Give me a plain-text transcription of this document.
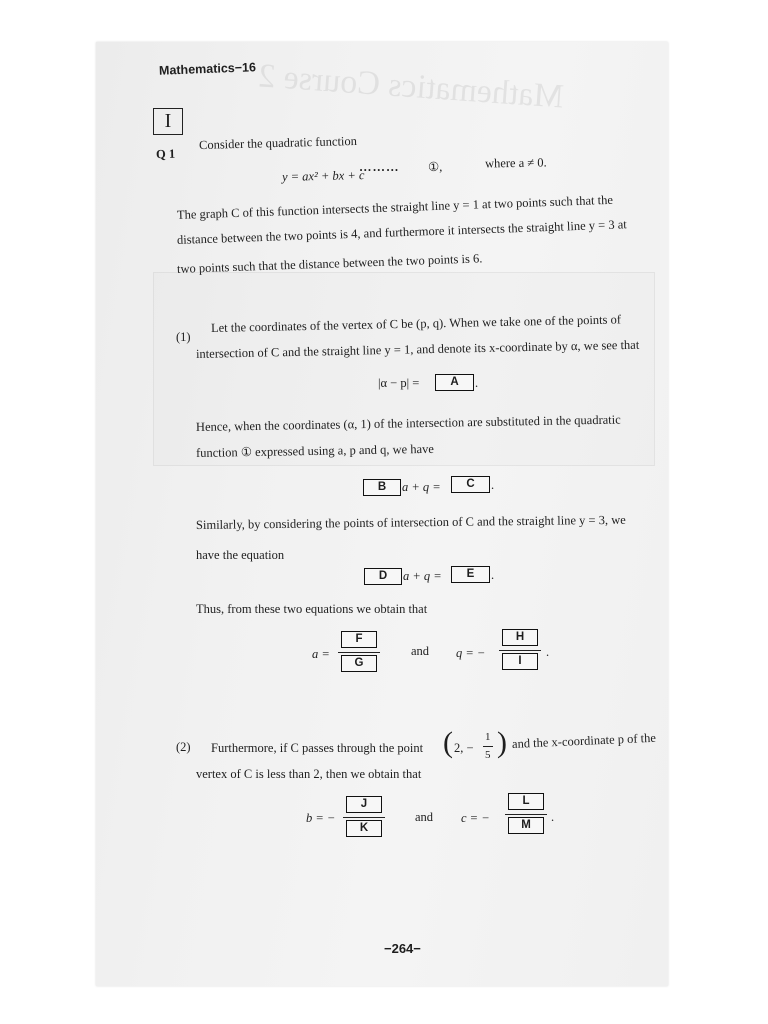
Mathematics−16
I
Q 1
Consider the quadratic function
y = ax² + bx + c
……… ①,	where a ≠ 0.
The graph C of this function intersects the straight line y = 1 at two points such that the
distance between the two points is 4, and furthermore it intersects the straight line y = 3 at
two points such that the distance between the two points is 6.
(1)
Let the coordinates of the vertex of C be (p, q). When we take one of the points of
intersection of C and the straight line y = 1, and denote its x-coordinate by α, we see that
|α − p| =	A	.
Hence, when the coordinates (α, 1) of the intersection are substituted in the quadratic
function ① expressed using a, p and q, we have
B	a + q =	C	.
Similarly, by considering the points of intersection of C and the straight line y = 3, we
have the equation
D	a + q =	E	.
Thus, from these two equations we obtain that
a =
F
G
and q = −
H
I
.
(2) Furthermore, if C passes through the point ( 2, −
1
5 ) and the x-coordinate p of the
vertex of C is less than 2, then we obtain that
b = −
J
K
and c = −
L
M
.
−264−
